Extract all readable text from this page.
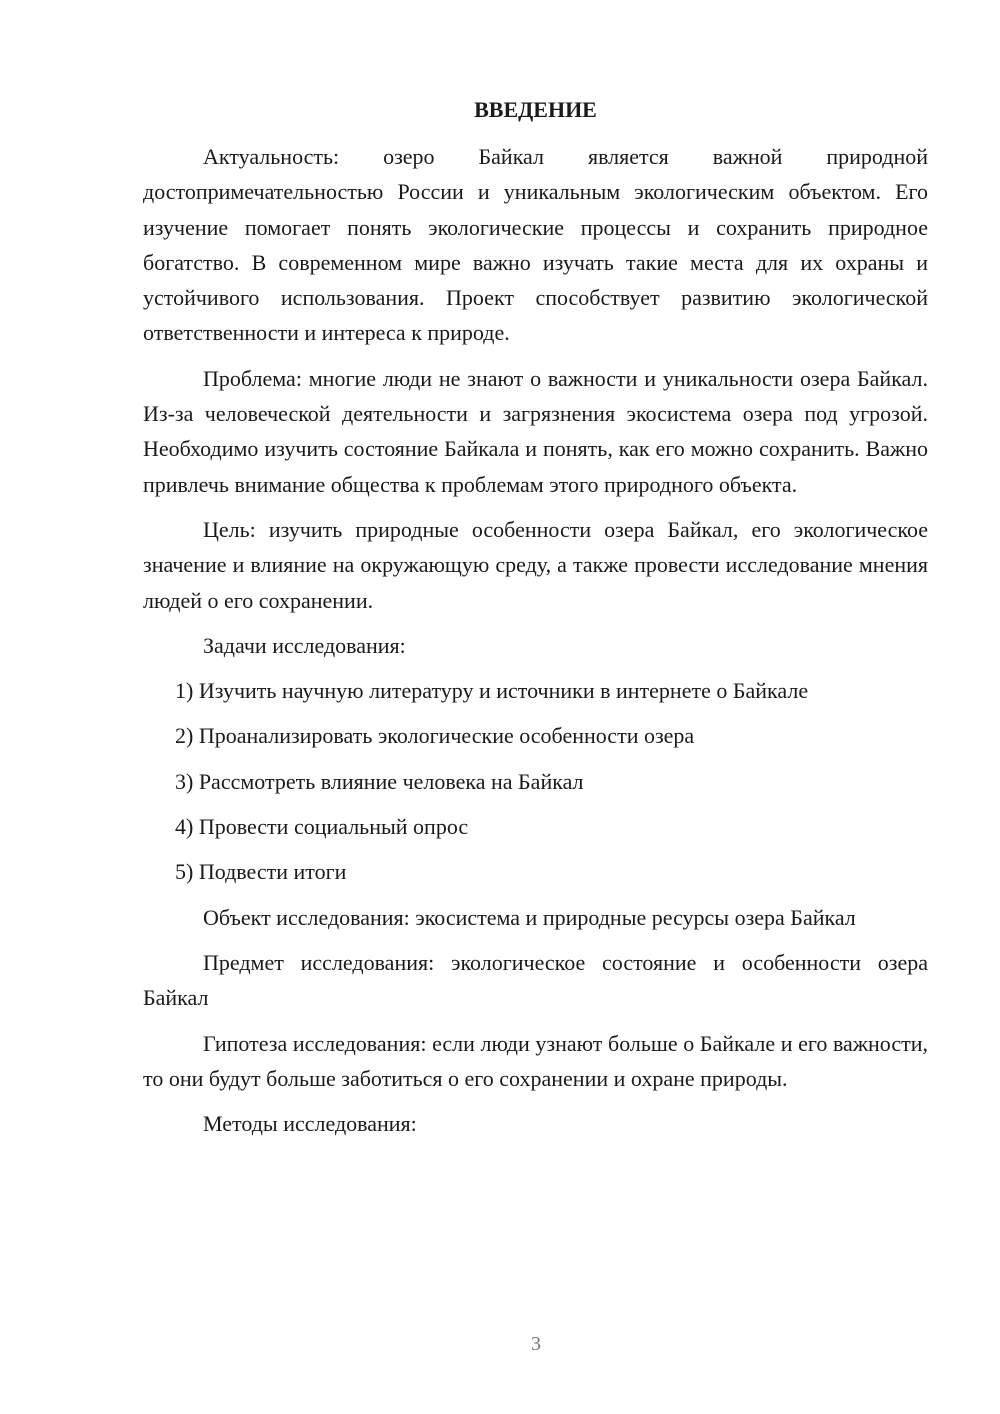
ВВЕДЕНИЕ

Актуальность: озеро Байкал является важной природной достопримечательностью России и уникальным экологическим объектом. Его изучение помогает понять экологические процессы и сохранить природное богатство. В современном мире важно изучать такие места для их охраны и устойчивого использования. Проект способствует развитию экологической ответственности и интереса к природе.

Проблема: многие люди не знают о важности и уникальности озера Байкал. Из-за человеческой деятельности и загрязнения экосистема озера под угрозой. Необходимо изучить состояние Байкала и понять, как его можно сохранить. Важно привлечь внимание общества к проблемам этого природного объекта.

Цель: изучить природные особенности озера Байкал, его экологическое значение и влияние на окружающую среду, а также провести исследование мнения людей о его сохранении.

Задачи исследования:

1) Изучить научную литературу и источники в интернете о Байкале
2) Проанализировать экологические особенности озера
3) Рассмотреть влияние человека на Байкал
4) Провести социальный опрос
5) Подвести итоги

Объект исследования: экосистема и природные ресурсы озера Байкал

Предмет исследования: экологическое состояние и особенности озера Байкал

Гипотеза исследования: если люди узнают больше о Байкале и его важности, то они будут больше заботиться о его сохранении и охране природы.

Методы исследования:

3
